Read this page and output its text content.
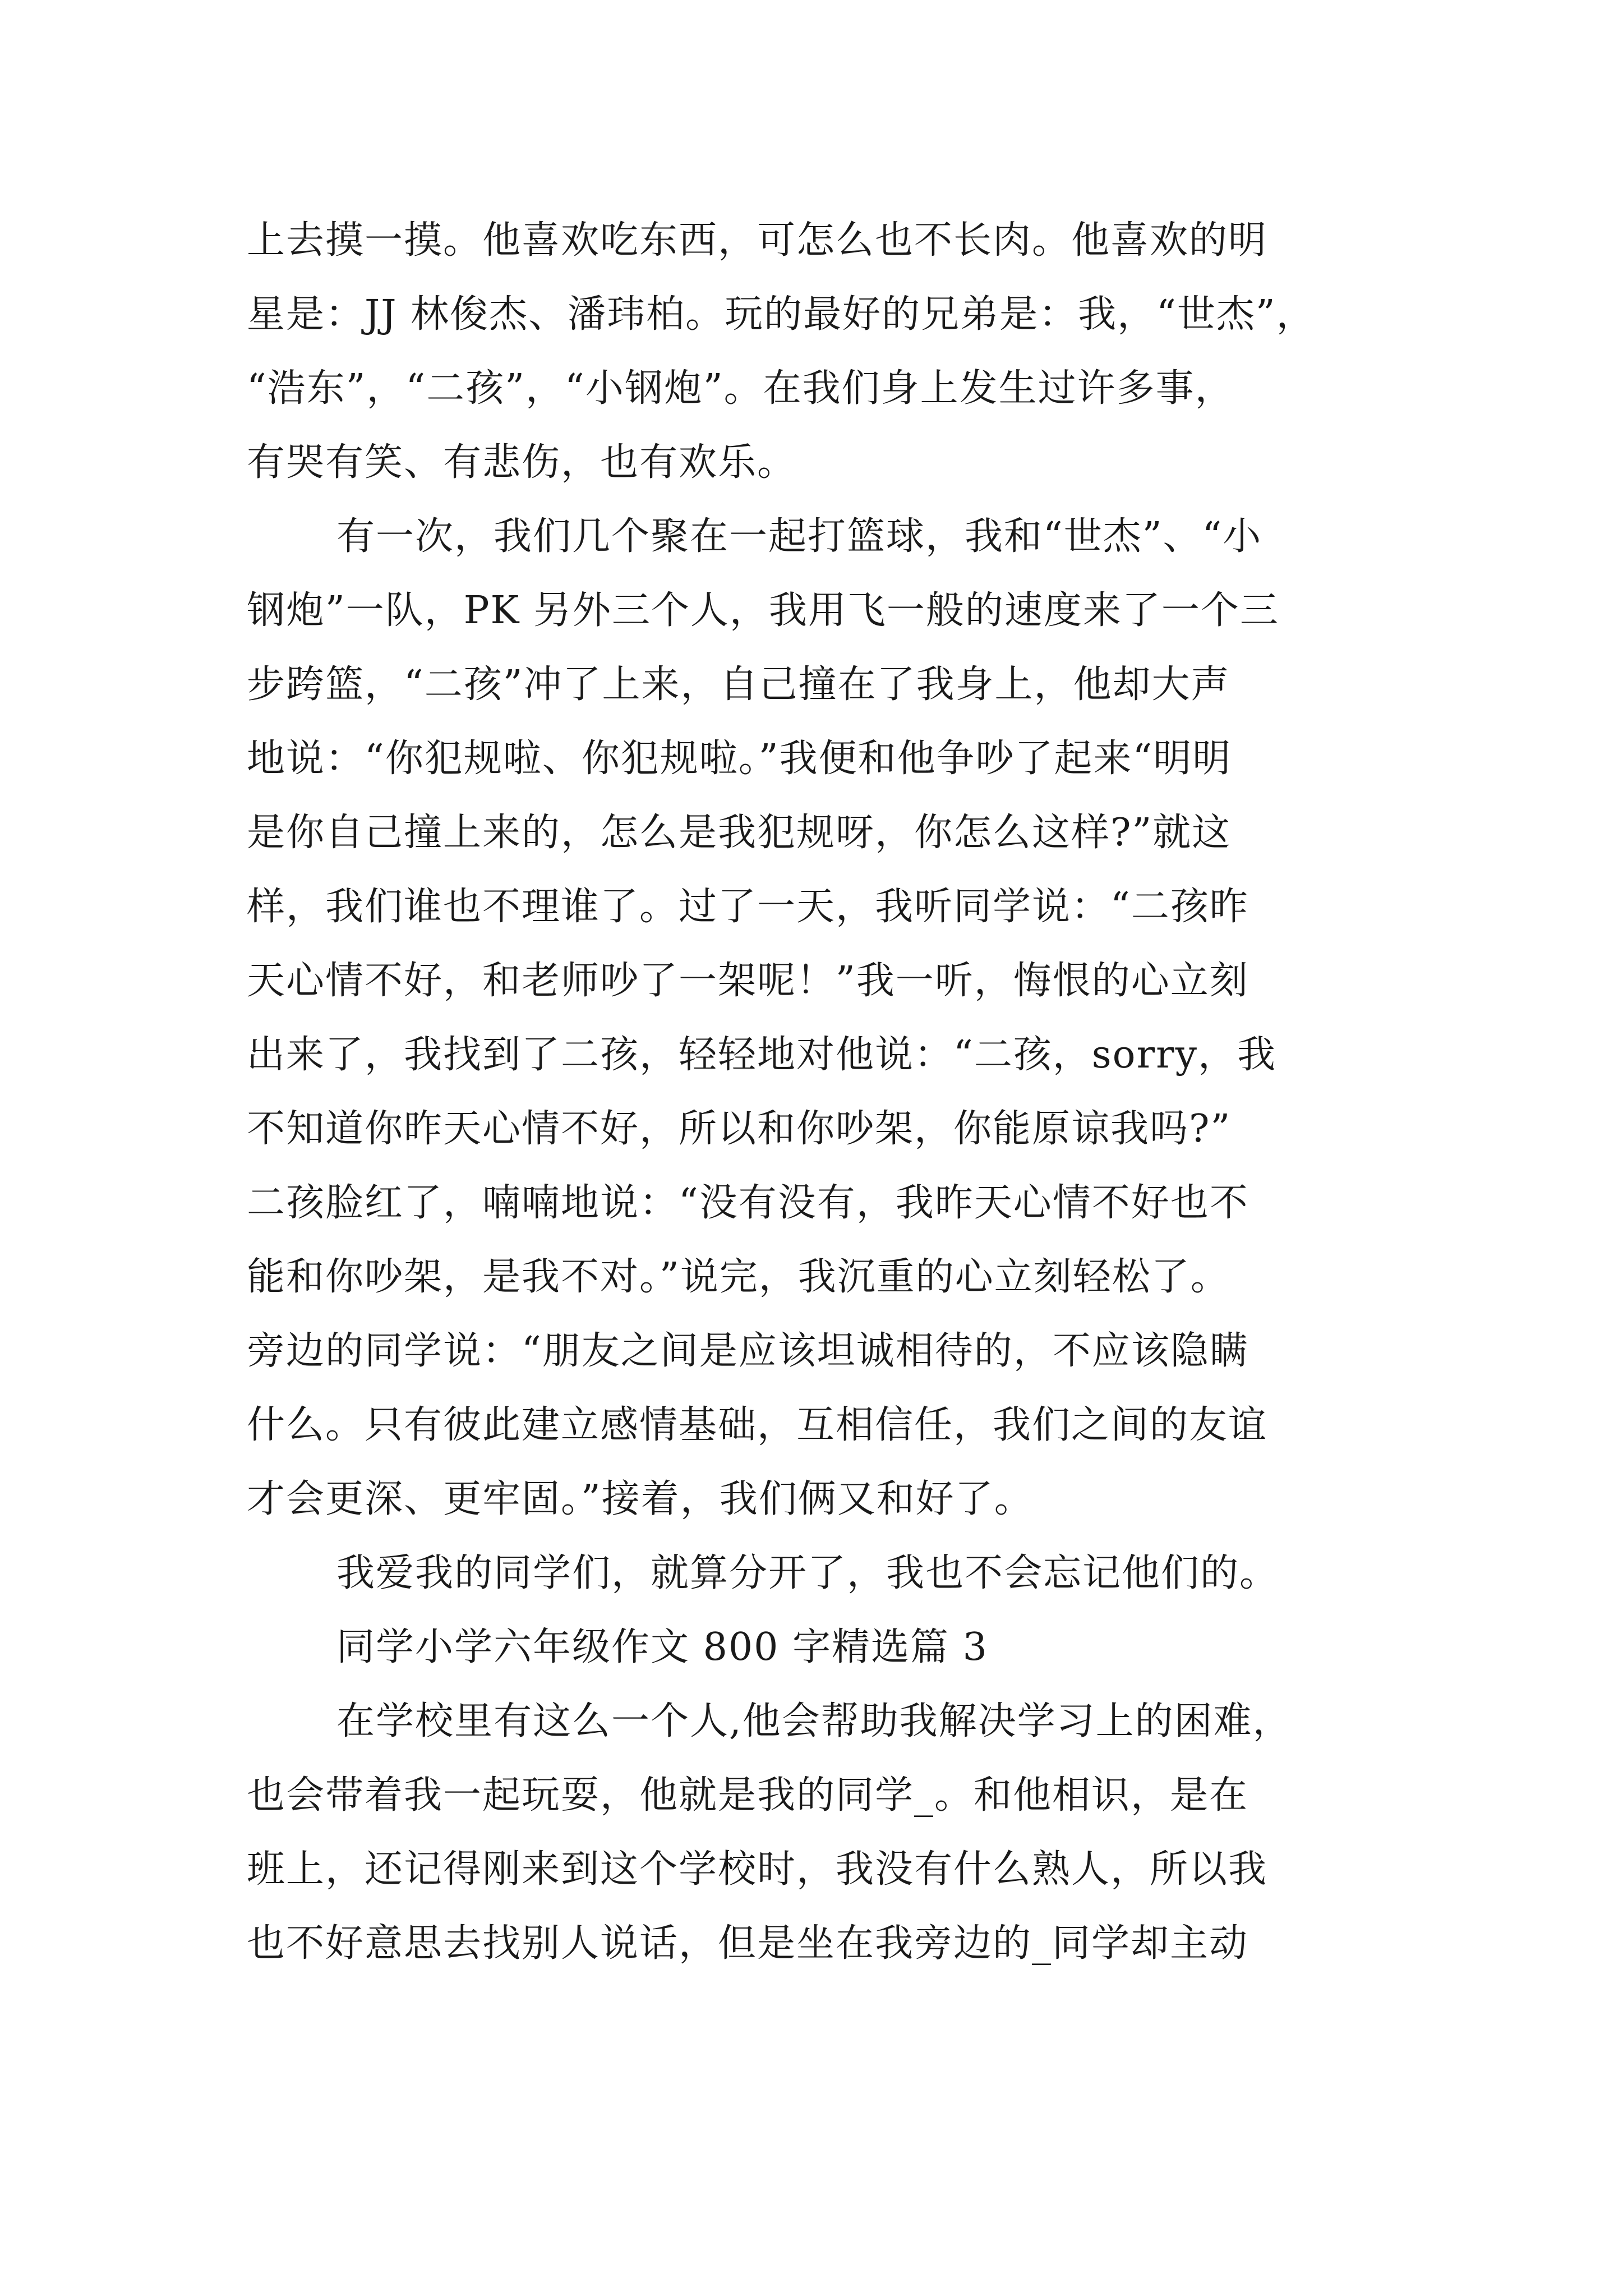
上去摸一摸。他喜欢吃东西，可怎么也不长肉。他喜欢的明
星是：JJ 林俊杰、潘玮柏。玩的最好的兄弟是：我，“世杰”，
“浩东”，“二孩”，“小钢炮”。在我们身上发生过许多事，
有哭有笑、有悲伤，也有欢乐。
有一次，我们几个聚在一起打篮球，我和“世杰”、“小
钢炮”一队，PK 另外三个人，我用飞一般的速度来了一个三
步跨篮，“二孩”冲了上来，自己撞在了我身上，他却大声
地说：“你犯规啦、你犯规啦。”我便和他争吵了起来“明明
是你自己撞上来的，怎么是我犯规呀，你怎么这样?”就这
样，我们谁也不理谁了。过了一天，我听同学说：“二孩昨
天心情不好，和老师吵了一架呢！”我一听，悔恨的心立刻
出来了，我找到了二孩，轻轻地对他说：“二孩，sorry，我
不知道你昨天心情不好，所以和你吵架，你能原谅我吗?”
二孩脸红了，喃喃地说：“没有没有，我昨天心情不好也不
能和你吵架，是我不对。”说完，我沉重的心立刻轻松了。
旁边的同学说：“朋友之间是应该坦诚相待的，不应该隐瞒
什么。只有彼此建立感情基础，互相信任，我们之间的友谊
才会更深、更牢固。”接着，我们俩又和好了。
我爱我的同学们，就算分开了，我也不会忘记他们的。
同学小学六年级作文 800 字精选篇 3
在学校里有这么一个人,他会帮助我解决学习上的困难，
也会带着我一起玩耍，他就是我的同学_。和他相识，是在
班上，还记得刚来到这个学校时，我没有什么熟人，所以我
也不好意思去找别人说话，但是坐在我旁边的_同学却主动
